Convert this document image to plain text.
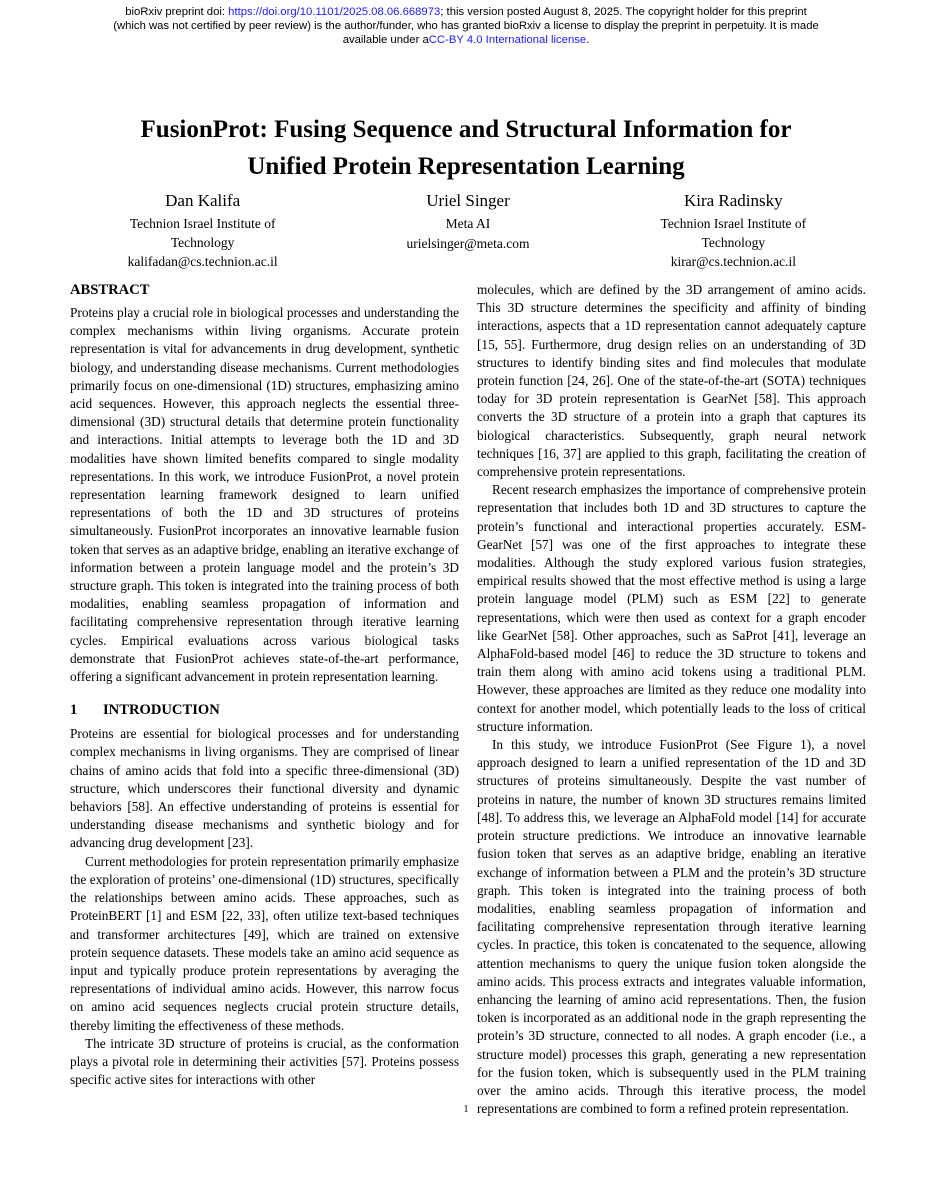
bioRxiv preprint doi: https://doi.org/10.1101/2025.08.06.668973; this version posted August 8, 2025. The copyright holder for this preprint
(which was not certified by peer review) is the author/funder, who has granted bioRxiv a license to display the preprint in perpetuity. It is made
available under aCC-BY 4.0 International license.
FusionProt: Fusing Sequence and Structural Information for
Unified Protein Representation Learning
Dan Kalifa
Technion Israel Institute of Technology
kalifadan@cs.technion.ac.il
Uriel Singer
Meta AI
urielsinger@meta.com
Kira Radinsky
Technion Israel Institute of Technology
kirar@cs.technion.ac.il
ABSTRACT

Proteins play a crucial role in biological processes and understanding the complex mechanisms within living organisms. Accurate protein representation is vital for advancements in drug development, synthetic biology, and understanding disease mechanisms. Current methodologies primarily focus on one-dimensional (1D) structures, emphasizing amino acid sequences. However, this approach neglects the essential three-dimensional (3D) structural details that determine protein functionality and interactions. Initial attempts to leverage both the 1D and 3D modalities have shown limited benefits compared to single modality representations. In this work, we introduce FusionProt, a novel protein representation learning framework designed to learn unified representations of both the 1D and 3D structures of proteins simultaneously. FusionProt incorporates an innovative learnable fusion token that serves as an adaptive bridge, enabling an iterative exchange of information between a protein language model and the protein’s 3D structure graph. This token is integrated into the training process of both modalities, enabling seamless propagation of information and facilitating comprehensive representation through iterative learning cycles. Empirical evaluations across various biological tasks demonstrate that FusionProt achieves state-of-the-art performance, offering a significant advancement in protein representation learning.

1 INTRODUCTION

Proteins are essential for biological processes and for understanding complex mechanisms in living organisms. They are comprised of linear chains of amino acids that fold into a specific three-dimensional (3D) structure, which underscores their functional diversity and dynamic behaviors [58]. An effective understanding of proteins is essential for understanding disease mechanisms and synthetic biology and for advancing drug development [23].

Current methodologies for protein representation primarily emphasize the exploration of proteins’ one-dimensional (1D) structures, specifically the relationships between amino acids. These approaches, such as ProteinBERT [1] and ESM [22, 33], often utilize text-based techniques and transformer architectures [49], which are trained on extensive protein sequence datasets. These models take an amino acid sequence as input and typically produce protein representations by averaging the representations of individual amino acids. However, this narrow focus on amino acid sequences neglects crucial protein structure details, thereby limiting the effectiveness of these methods.

The intricate 3D structure of proteins is crucial, as the conformation plays a pivotal role in determining their activities [57]. Proteins possess specific active sites for interactions with other

molecules, which are defined by the 3D arrangement of amino acids. This 3D structure determines the specificity and affinity of binding interactions, aspects that a 1D representation cannot adequately capture [15, 55]. Furthermore, drug design relies on an understanding of 3D structures to identify binding sites and find molecules that modulate protein function [24, 26]. One of the state-of-the-art (SOTA) techniques today for 3D protein representation is GearNet [58]. This approach converts the 3D structure of a protein into a graph that captures its biological characteristics. Subsequently, graph neural network techniques [16, 37] are applied to this graph, facilitating the creation of comprehensive protein representations.

Recent research emphasizes the importance of comprehensive protein representation that includes both 1D and 3D structures to capture the protein’s functional and interactional properties accurately. ESM-GearNet [57] was one of the first approaches to integrate these modalities. Although the study explored various fusion strategies, empirical results showed that the most effective method is using a large protein language model (PLM) such as ESM [22] to generate representations, which were then used as context for a graph encoder like GearNet [58]. Other approaches, such as SaProt [41], leverage an AlphaFold-based model [46] to reduce the 3D structure to tokens and train them along with amino acid tokens using a traditional PLM. However, these approaches are limited as they reduce one modality into context for another model, which potentially leads to the loss of critical structure information.

In this study, we introduce FusionProt (See Figure 1), a novel approach designed to learn a unified representation of the 1D and 3D structures of proteins simultaneously. Despite the vast number of proteins in nature, the number of known 3D structures remains limited [48]. To address this, we leverage an AlphaFold model [14] for accurate protein structure predictions. We introduce an innovative learnable fusion token that serves as an adaptive bridge, enabling an iterative exchange of information between a PLM and the protein’s 3D structure graph. This token is integrated into the training process of both modalities, enabling seamless propagation of information and facilitating comprehensive representation through iterative learning cycles. In practice, this token is concatenated to the sequence, allowing attention mechanisms to query the unique fusion token alongside the amino acids. This process extracts and integrates valuable information, enhancing the learning of amino acid representations. Then, the fusion token is incorporated as an additional node in the graph representing the protein’s 3D structure, connected to all nodes. A graph encoder (i.e., a structure model) processes this graph, generating a new representation for the fusion token, which is subsequently used in the PLM training over the amino acids. Through this iterative process, the model representations are combined to form a refined protein representation.

1
